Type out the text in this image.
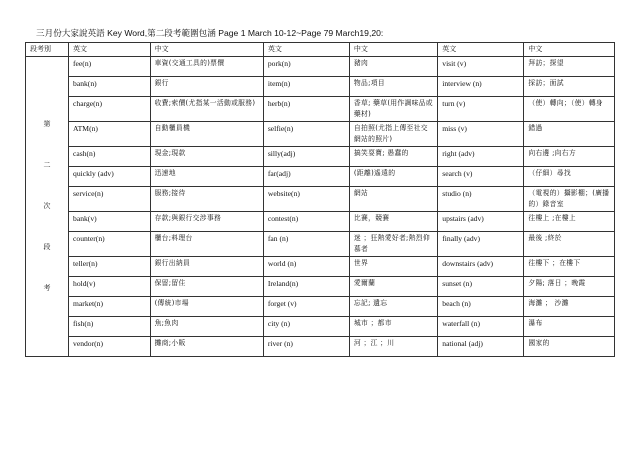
三月份大家說英語 Key Word,第二段考範圍包涵 Page 1 March 10-12~Page 79 March19,20:
段考別	英文	中文	英文	中文	英文	中文

第
二
次
段
考	fee(n)	車資(交通工具的)票價	pork(n)	豬肉	visit (v)	拜訪；探望
	bank(n)	銀行	item(n)	物品;項目	interview (n)	採訪；面試
	charge(n)	收費;索價(尤指某一活動或服務)	herb(n)	香草; 藥草(用作調味品或藥材)	turn (v)	（使）轉向；（使）轉身
	ATM(n)	自動櫃員機	selfie(n)	自拍照(尤指上傳至社交網站的照片)	miss (v)	錯過
	cash(n)	現金;現款	silly(adj)	搞笑耍寶; 愚蠢的	right (adv)	向右邊 ;向右方
	quickly (adv)	迅速地	far(adj)	(距離)遙遠的	search (v)	（仔細）尋找
	service(n)	服務;接待	website(n)	網站	studio (n)	（電視的）攝影棚；(廣播的）錄音室
	bank(v)	存款;與銀行交涉事務	contest(n)	比賽，競賽	upstairs (adv)	往樓上 ;在樓上
	counter(n)	櫃台;料理台	fan (n)	迷 ；狂熱愛好者;熱烈仰慕者	finally (adv)	最後 ;終於
	teller(n)	銀行出納員	world (n)	世界	downstairs (adv)	往樓下 ；在樓下
	hold(v)	保留;留住	Ireland(n)	愛爾蘭	sunset (n)	夕陽; 落日 ；晚霞
	market(n)	(傳統)市場	forget (v)	忘記; 遺忘	beach (n)	海灘 ； 沙灘
	fish(n)	魚;魚肉	city (n)	城市 ；都市	waterfall (n)	瀑布
	vendor(n)	攤商;小販	river (n)	河 ；江 ；川	national (adj)	國家的
